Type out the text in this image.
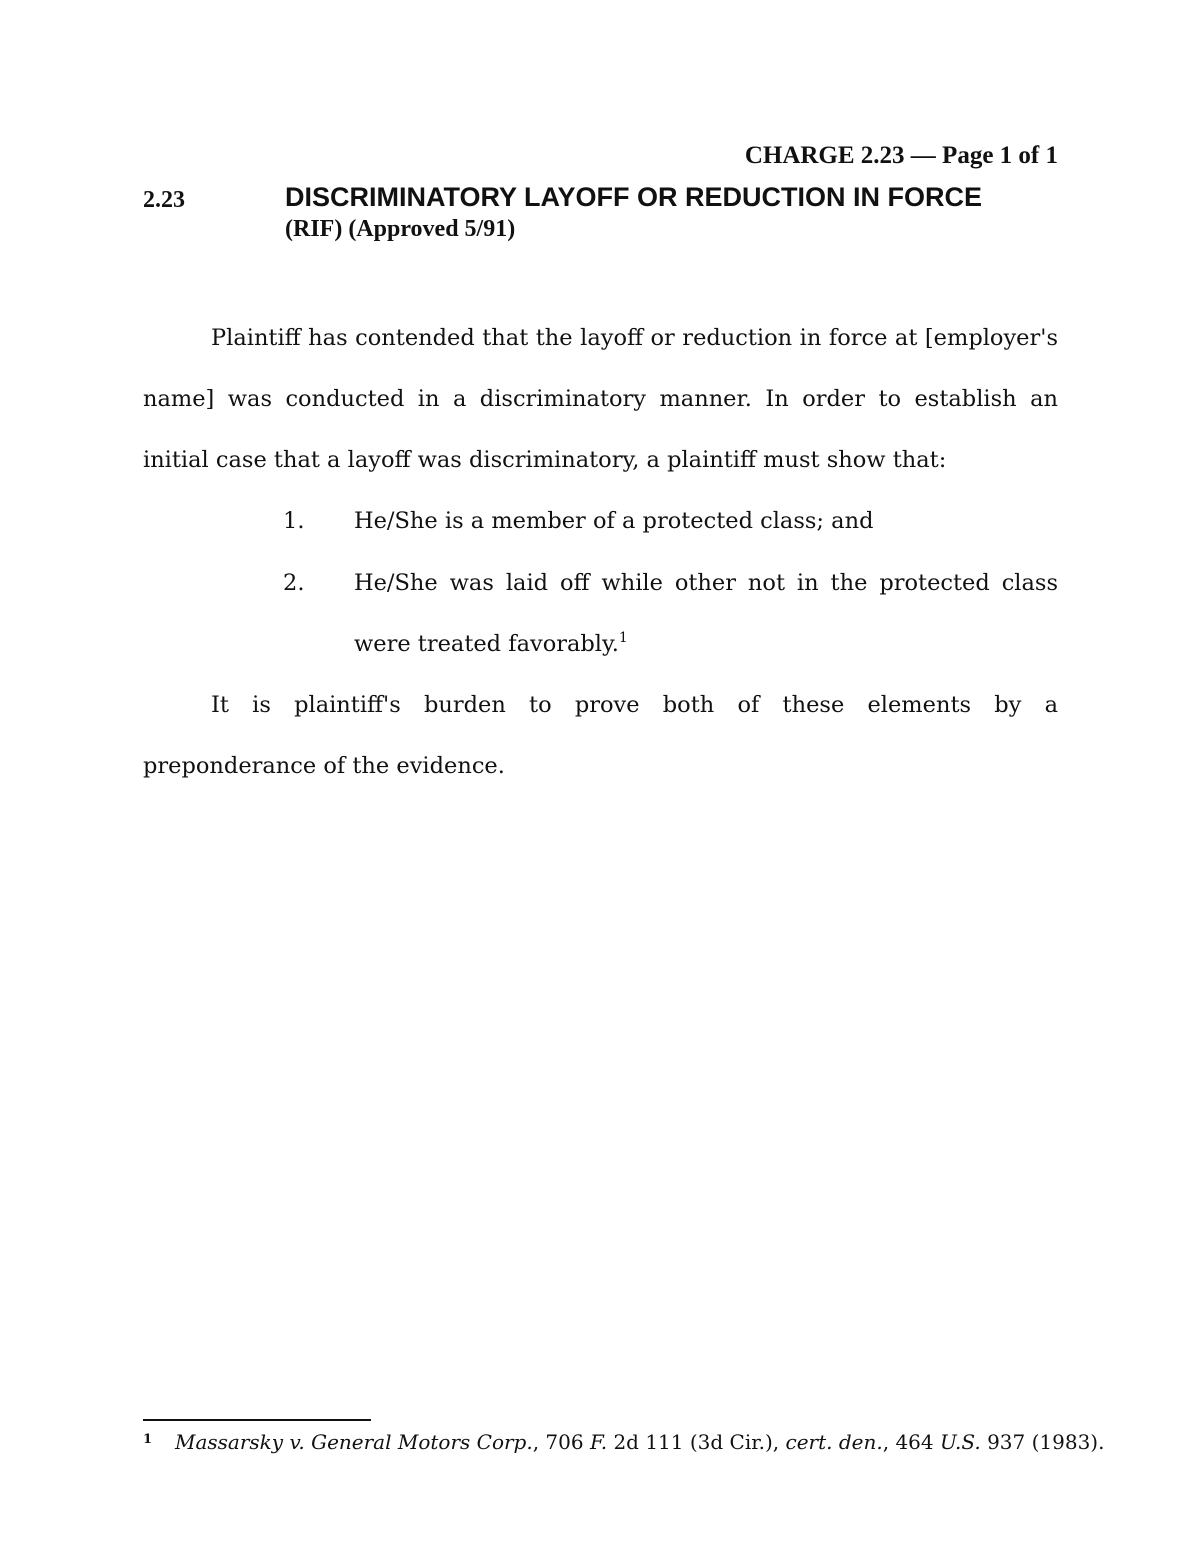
CHARGE 2.23 — Page 1 of 1
2.23	DISCRIMINATORY LAYOFF OR REDUCTION IN FORCE
(RIF) (Approved 5/91)
Plaintiff has contended that the layoff or reduction in force at [employer's name] was conducted in a discriminatory manner. In order to establish an initial case that a layoff was discriminatory, a plaintiff must show that:
1. He/She is a member of a protected class; and
2. He/She was laid off while other not in the protected class were treated favorably.$^1$
It is plaintiff's burden to prove both of these elements by a preponderance of the evidence.
1 Massarsky v. General Motors Corp., 706 F. 2d 111 (3d Cir.), cert. den., 464 U.S. 937 (1983).
